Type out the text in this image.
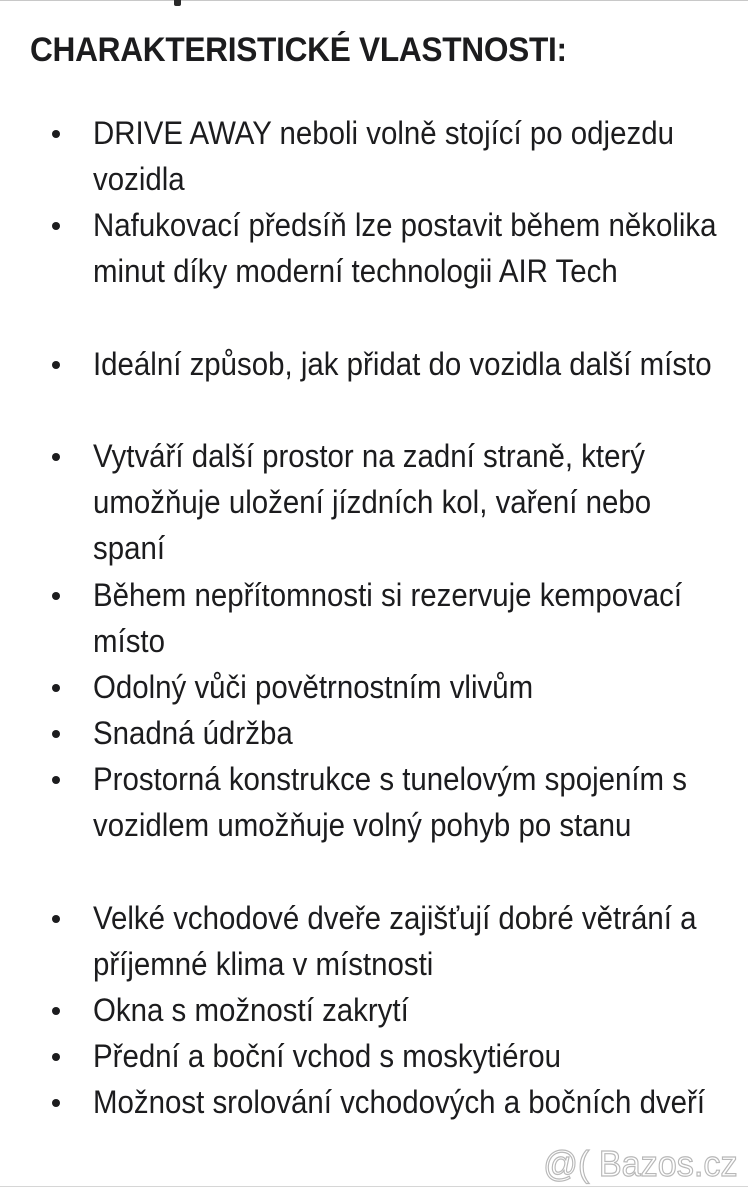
CHARAKTERISTICKÉ VLASTNOSTI:
DRIVE AWAY neboli volně stojící po odjezdu vozidla
Nafukovací předsíň lze postavit během několika minut díky moderní technologii AIR Tech
Ideální způsob, jak přidat do vozidla další místo
Vytváří další prostor na zadní straně, který umožňuje uložení jízdních kol, vaření nebo spaní
Během nepřítomnosti si rezervuje kempovací místo
Odolný vůči povětrnostním vlivům
Snadná údržba
Prostorná konstrukce s tunelovým spojením s vozidlem umožňuje volný pohyb po stanu
Velké vchodové dveře zajišťují dobré větrání a příjemné klima v místnosti
Okna s možností zakrytí
Přední a boční vchod s moskytiérou
Možnost srolování vchodových a bočních dveří
@( Bazos.cz
